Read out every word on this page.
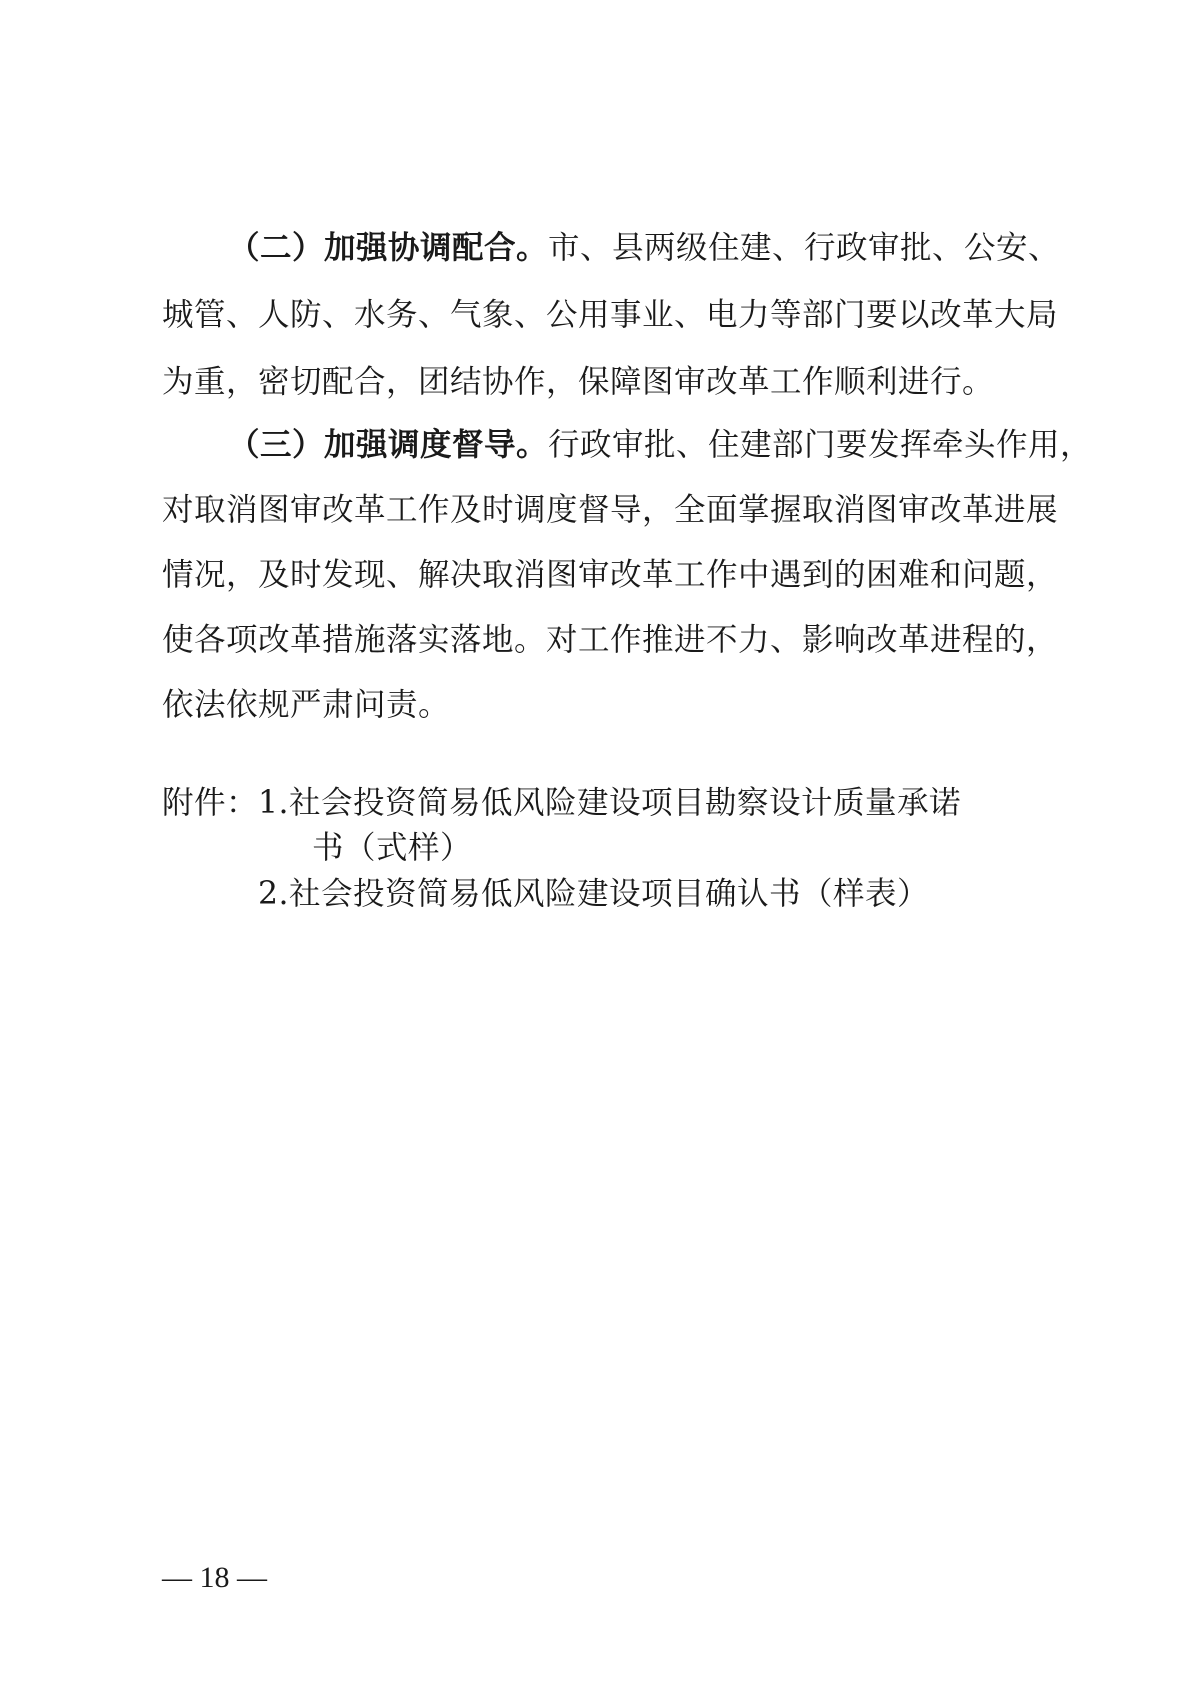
（二）加强协调配合。市、县两级住建、行政审批、公安、

城管、人防、水务、气象、公用事业、电力等部门要以改革大局

为重，密切配合，团结协作，保障图审改革工作顺利进行。

（三）加强调度督导。行政审批、住建部门要发挥牵头作用，

对取消图审改革工作及时调度督导，全面掌握取消图审改革进展

情况，及时发现、解决取消图审改革工作中遇到的困难和问题，

使各项改革措施落实落地。对工作推进不力、影响改革进程的，

依法依规严肃问责。

附件： 1.社会投资简易低风险建设项目勘察设计质量承诺

书（式样）

2.社会投资简易低风险建设项目确认书（样表）

— 18 —
